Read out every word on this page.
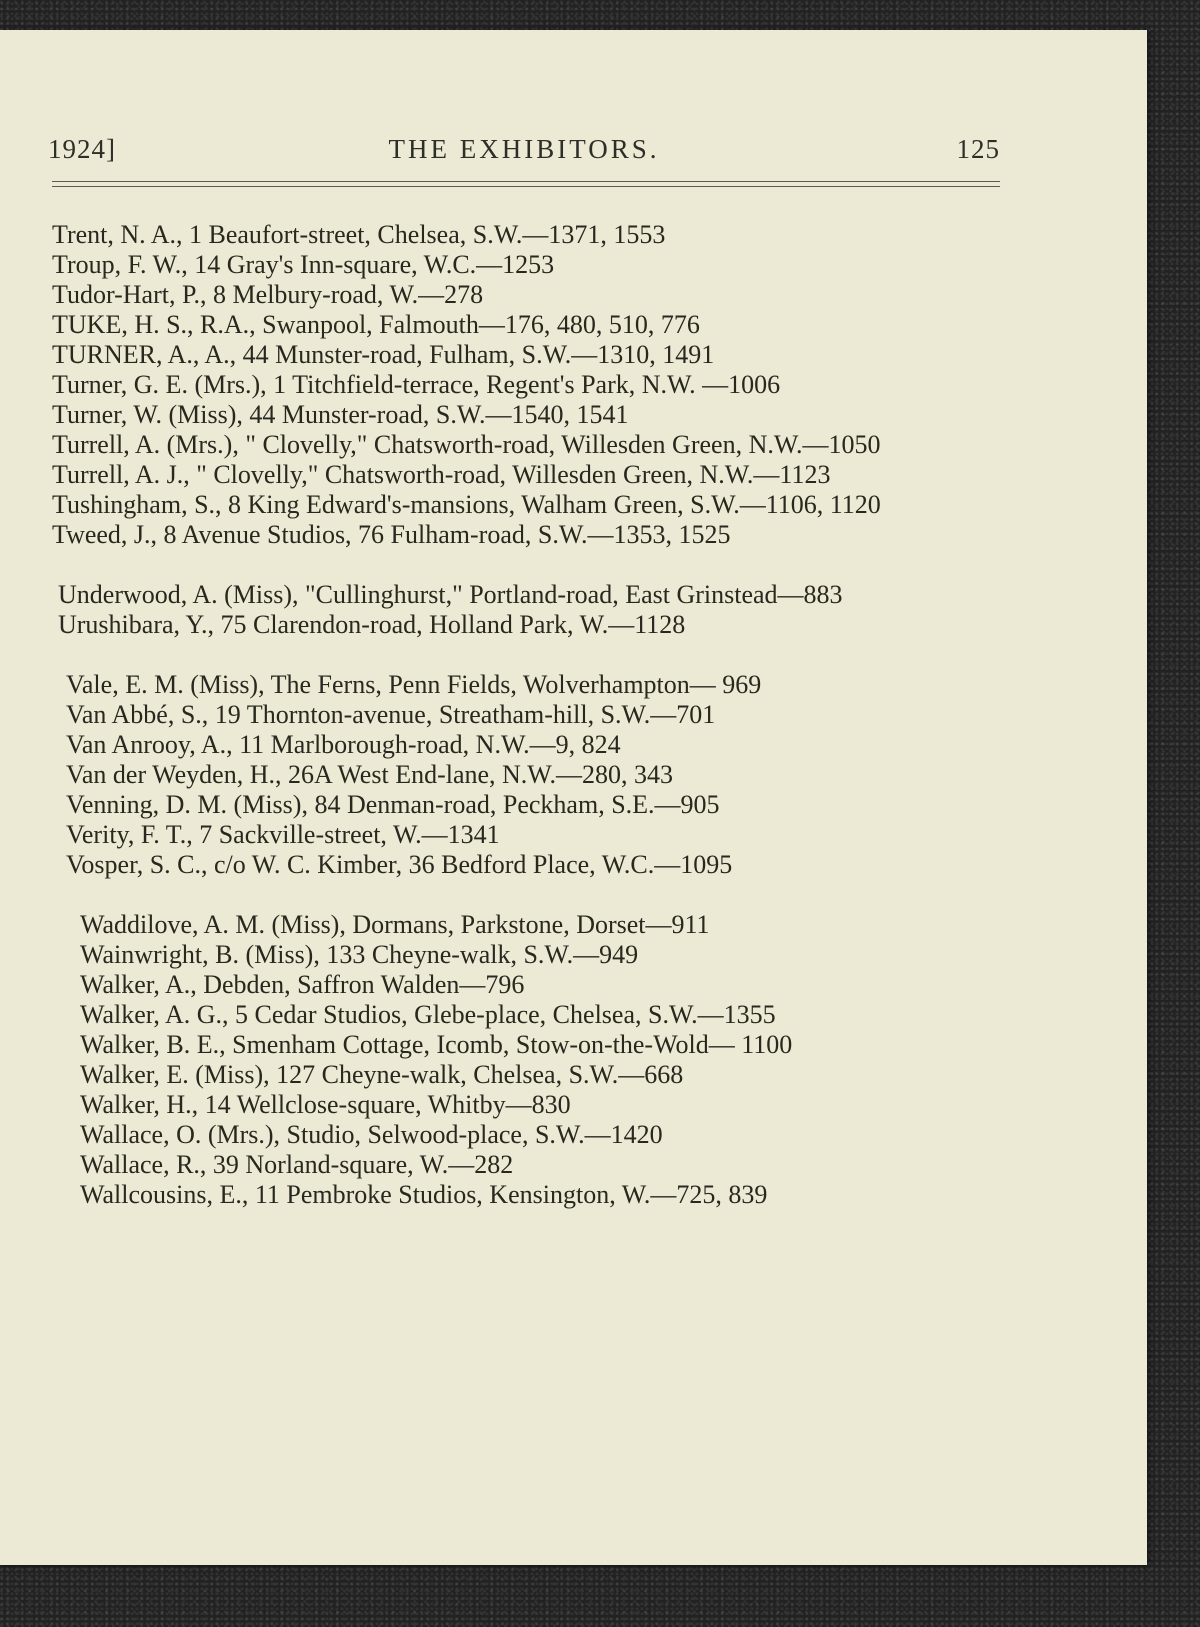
1924]	THE EXHIBITORS.	125
Trent, N. A., 1 Beaufort-street, Chelsea, S.W.—1371, 1553
Troup, F. W., 14 Gray's Inn-square, W.C.—1253
Tudor-Hart, P., 8 Melbury-road, W.—278
TUKE, H. S., R.A., Swanpool, Falmouth—176, 480, 510, 776
TURNER, A., A., 44 Munster-road, Fulham, S.W.—1310, 1491
Turner, G. E. (Mrs.), 1 Titchfield-terrace, Regent's Park, N.W. —1006
Turner, W. (Miss), 44 Munster-road, S.W.—1540, 1541
Turrell, A. (Mrs.), " Clovelly," Chatsworth-road, Willesden Green, N.W.—1050
Turrell, A. J., " Clovelly," Chatsworth-road, Willesden Green, N.W.—1123
Tushingham, S., 8 King Edward's-mansions, Walham Green, S.W.—1106, 1120
Tweed, J., 8 Avenue Studios, 76 Fulham-road, S.W.—1353, 1525
Underwood, A. (Miss), "Cullinghurst," Portland-road, East Grinstead—883
Urushibara, Y., 75 Clarendon-road, Holland Park, W.—1128
Vale, E. M. (Miss), The Ferns, Penn Fields, Wolverhampton— 969
Van Abbé, S., 19 Thornton-avenue, Streatham-hill, S.W.—701
Van Anrooy, A., 11 Marlborough-road, N.W.—9, 824
Van der Weyden, H., 26A West End-lane, N.W.—280, 343
Venning, D. M. (Miss), 84 Denman-road, Peckham, S.E.—905
Verity, F. T., 7 Sackville-street, W.—1341
Vosper, S. C., c/o W. C. Kimber, 36 Bedford Place, W.C.—1095
Waddilove, A. M. (Miss), Dormans, Parkstone, Dorset—911
Wainwright, B. (Miss), 133 Cheyne-walk, S.W.—949
Walker, A., Debden, Saffron Walden—796
Walker, A. G., 5 Cedar Studios, Glebe-place, Chelsea, S.W.—1355
Walker, B. E., Smenham Cottage, Icomb, Stow-on-the-Wold— 1100
Walker, E. (Miss), 127 Cheyne-walk, Chelsea, S.W.—668
Walker, H., 14 Wellclose-square, Whitby—830
Wallace, O. (Mrs.), Studio, Selwood-place, S.W.—1420
Wallace, R., 39 Norland-square, W.—282
Wallcousins, E., 11 Pembroke Studios, Kensington, W.—725, 839
